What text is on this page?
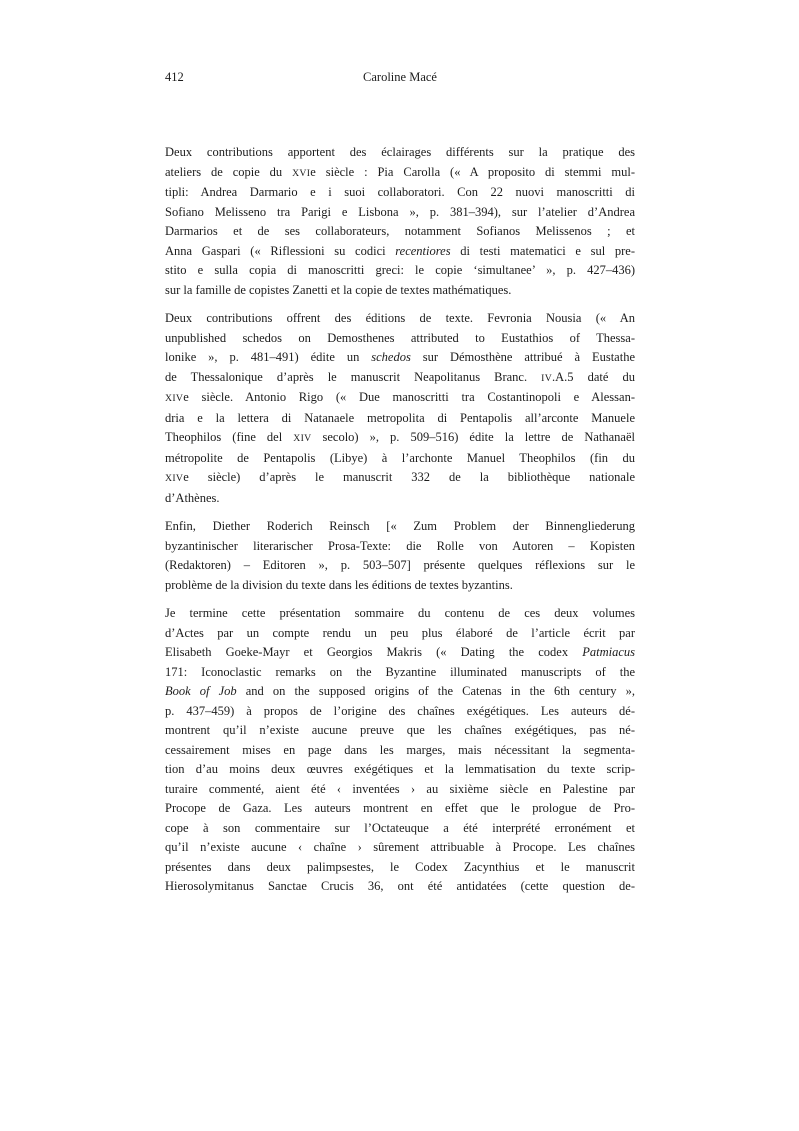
412	Caroline Macé
Deux contributions apportent des éclairages différents sur la pratique des
ateliers de copie du XVIe siècle : Pia Carolla (« A proposito di stemmi mul-
tipli: Andrea Darmario e i suoi collaboratori. Con 22 nuovi manoscritti di
Sofiano Melisseno tra Parigi e Lisbona », p. 381–394), sur l’atelier d’Andrea
Darmarios et de ses collaborateurs, notamment Sofianos Melissenos ; et
Anna Gaspari (« Riflessioni su codici recentiores di testi matematici e sul pre-
stito e sulla copia di manoscritti greci: le copie ‘simultanee’ », p. 427–436)
sur la famille de copistes Zanetti et la copie de textes mathématiques.
Deux contributions offrent des éditions de texte. Fevronia Nousia (« An
unpublished schedos on Demosthenes attributed to Eustathios of Thessa-
lonike », p. 481–491) édite un schedos sur Démosthène attribué à Eustathe
de Thessalonique d’après le manuscrit Neapolitanus Branc. IV.A.5 daté du
XIVe siècle. Antonio Rigo (« Due manoscritti tra Costantinopoli e Alessan-
dria e la lettera di Natanaele metropolita di Pentapolis all’arconte Manuele
Theophilos (fine del XIV secolo) », p. 509–516) édite la lettre de Nathanaël
métropolite de Pentapolis (Libye) à l’archonte Manuel Theophilos (fin du
XIVe siècle) d’après le manuscrit 332 de la bibliothèque nationale
d’Athènes.
Enfin, Diether Roderich Reinsch [« Zum Problem der Binnengliederung
byzantinischer literarischer Prosa-Texte: die Rolle von Autoren – Kopisten
(Redaktoren) – Editoren », p. 503–507] présente quelques réflexions sur le
problème de la division du texte dans les éditions de textes byzantins.
Je termine cette présentation sommaire du contenu de ces deux volumes
d’Actes par un compte rendu un peu plus élaboré de l’article écrit par
Elisabeth Goeke-Mayr et Georgios Makris (« Dating the codex Patmiacus
171: Iconoclastic remarks on the Byzantine illuminated manuscripts of the
Book of Job and on the supposed origins of the Catenas in the 6th century »,
p. 437–459) à propos de l’origine des chaînes exégétiques. Les auteurs dé-
montrent qu’il n’existe aucune preuve que les chaînes exégétiques, pas né-
cessairement mises en page dans les marges, mais nécessitant la segmenta-
tion d’au moins deux œuvres exégétiques et la lemmatisation du texte scrip-
turaire commenté, aient été ‹ inventées › au sixième siècle en Palestine par
Procope de Gaza. Les auteurs montrent en effet que le prologue de Pro-
cope à son commentaire sur l’Octateuque a été interprété erronément et
qu’il n’existe aucune ‹ chaîne › sûrement attribuable à Procope. Les chaînes
présentes dans deux palimpsestes, le Codex Zacynthius et le manuscrit
Hierosolymitanus Sanctae Crucis 36, ont été antidatées (cette question de-
